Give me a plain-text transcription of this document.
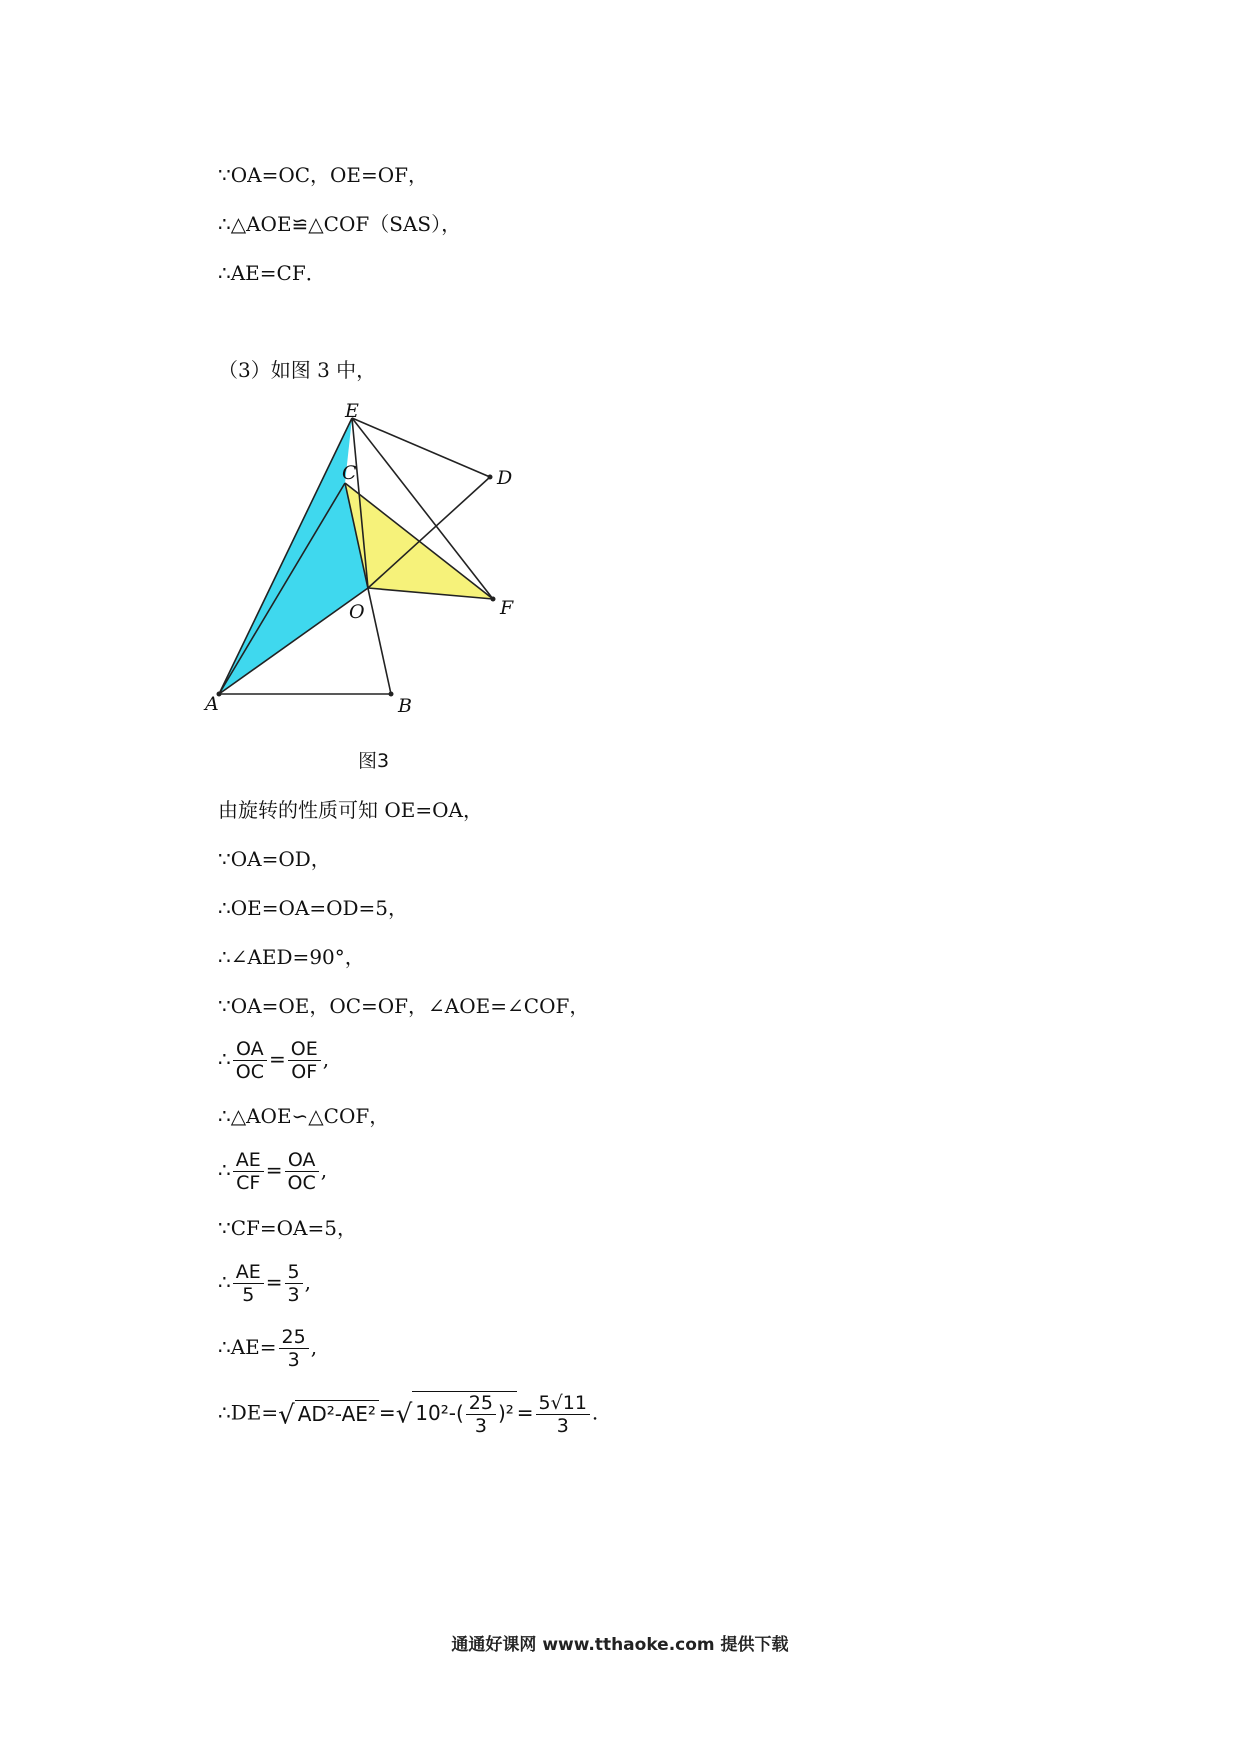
∵OA=OC，OE=OF，
∴△AOE≌△COF（SAS），
∴AE=CF．
（3）如图 3 中，
E
C	D
O	F
A	B
图3
由旋转的性质可知 OE=OA，
∵OA=OD，
∴OE=OA=OD=5，
∴∠AED=90°，
∵OA=OE，OC=OF，∠AOE=∠COF，
∴ $\frac{OA}{OC} = \frac{OE}{OF}$ ,
∴△AOE∽△COF，
∴ $\frac{AE}{CF} = \frac{OA}{OC}$ ,
∵CF=OA=5，
∴ $\frac{AE}{5} = \frac{5}{3}$ ,
∴AE= $\frac{25}{3}$ ,
∴DE=√ AD²-AE² =√ $10^2-( \frac{25}{3} )^2 = \frac{5√11}{3}$ .
通通好课网 www.tthaoke.com 提供下载
